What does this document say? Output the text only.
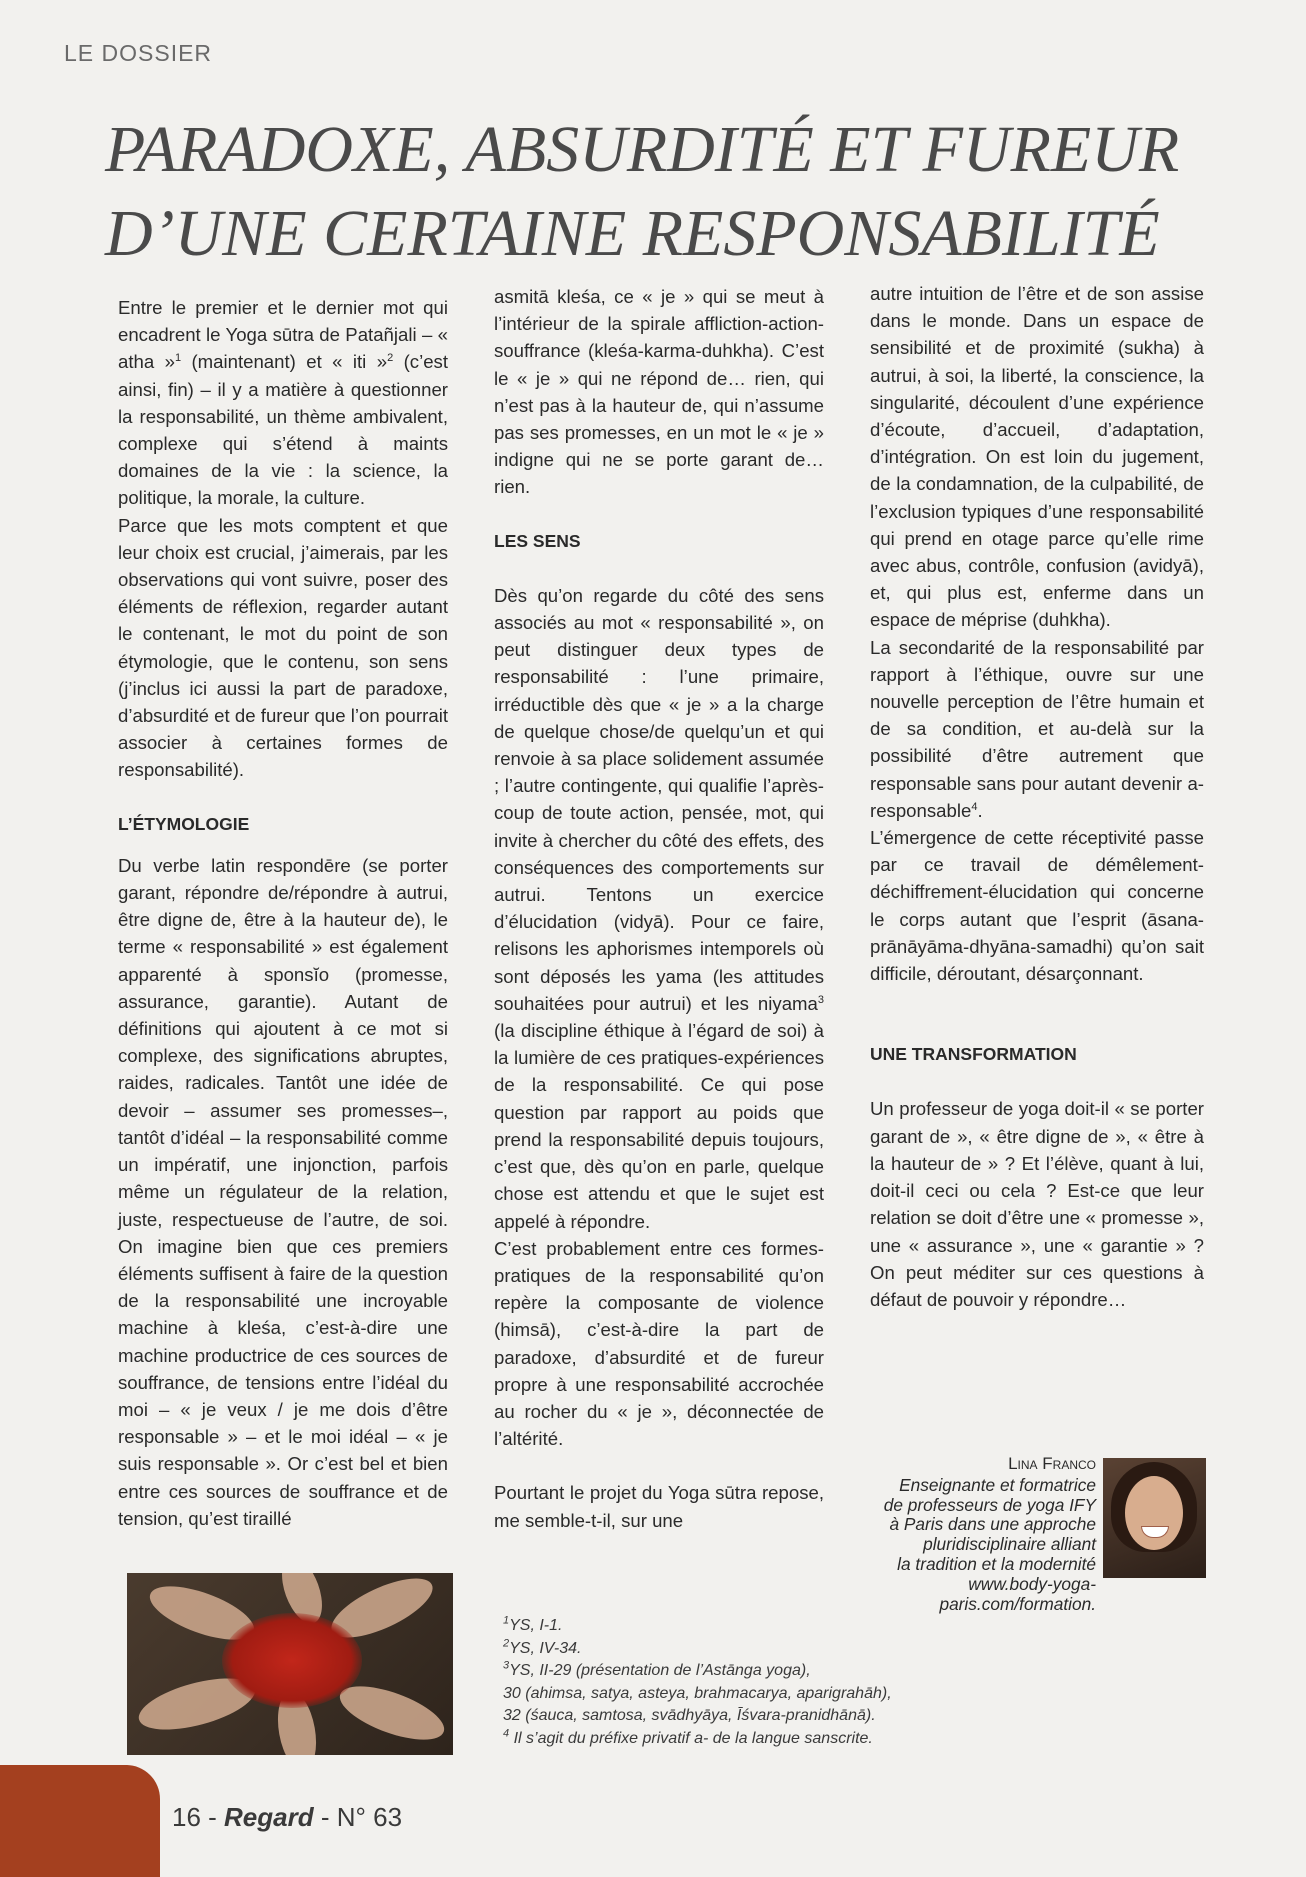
LE DOSSIER
PARADOXE, ABSURDITÉ ET FUREUR
D’UNE CERTAINE RESPONSABILITÉ

Entre le premier et le dernier mot qui encadrent le Yoga sūtra de Patañjali – « atha »$^1$ (maintenant) et « iti »$^2$ (c’est ainsi, fin) – il y a matière à questionner la responsabilité, un thème ambivalent, complexe qui s’étend à maints domaines de la vie : la science, la politique, la morale, la culture.

Parce que les mots comptent et que leur choix est crucial, j’aimerais, par les observations qui vont suivre, poser des éléments de réflexion, regarder autant le contenant, le mot du point de son étymologie, que le contenu, son sens (j’inclus ici aussi la part de paradoxe, d’absurdité et de fureur que l’on pourrait associer à certaines formes de responsabilité).

L’ÉTYMOLOGIE

Du verbe latin respondēre (se porter garant, répondre de/répondre à autrui, être digne de, être à la hauteur de), le terme « responsabilité » est également apparenté à sponsĭo (promesse, assurance, garantie). Autant de définitions qui ajoutent à ce mot si complexe, des significations abruptes, raides, radicales. Tantôt une idée de devoir – assumer ses promesses–, tantôt d’idéal – la responsabilité comme un impératif, une injonction, parfois même un régulateur de la relation, juste, respectueuse de l’autre, de soi. On imagine bien que ces premiers éléments suffisent à faire de la question de la responsabilité une incroyable machine à kleśa, c’est-à-dire une machine productrice de ces sources de souffrance, de tensions entre l’idéal du moi – « je veux / je me dois d’être responsable » – et le moi idéal – « je suis responsable ». Or c’est bel et bien entre ces sources de souffrance et de tension, qu’est tiraillé

asmitā kleśa, ce « je » qui se meut à l’intérieur de la spirale affliction-action-souffrance (kleśa-karma-duhkha). C’est le « je » qui ne répond de… rien, qui n’est pas à la hauteur de, qui n’assume pas ses promesses, en un mot le « je » indigne qui ne se porte garant de… rien.

LES SENS

Dès qu’on regarde du côté des sens associés au mot « responsabilité », on peut distinguer deux types de responsabilité : l’une primaire, irréductible dès que « je » a la charge de quelque chose/de quelqu’un et qui renvoie à sa place solidement assumée ; l’autre contingente, qui qualifie l’après-coup de toute action, pensée, mot, qui invite à chercher du côté des effets, des conséquences des comportements sur autrui. Tentons un exercice d’élucidation (vidyā). Pour ce faire, relisons les aphorismes intemporels où sont déposés les yama (les attitudes souhaitées pour autrui) et les niyama$^3$ (la discipline éthique à l’égard de soi) à la lumière de ces pratiques-expériences de la responsabilité. Ce qui pose question par rapport au poids que prend la responsabilité depuis toujours, c’est que, dès qu’on en parle, quelque chose est attendu et que le sujet est appelé à répondre.

C’est probablement entre ces formes-pratiques de la responsabilité qu’on repère la composante de violence (himsā), c’est-à-dire la part de paradoxe, d’absurdité et de fureur propre à une responsabilité accrochée au rocher du « je », déconnectée de l’altérité.

Pourtant le projet du Yoga sūtra repose, me semble-t-il, sur une

autre intuition de l’être et de son assise dans le monde. Dans un espace de sensibilité et de proximité (sukha) à autrui, à soi, la liberté, la conscience, la singularité, découlent d’une expérience d’écoute, d’accueil, d’adaptation, d’intégration. On est loin du jugement, de la condamnation, de la culpabilité, de l’exclusion typiques d’une responsabilité qui prend en otage parce qu’elle rime avec abus, contrôle, confusion (avidyā), et, qui plus est, enferme dans un espace de méprise (duhkha).

La secondarité de la responsabilité par rapport à l’éthique, ouvre sur une nouvelle perception de l’être humain et de sa condition, et au-delà sur la possibilité d’être autrement que responsable sans pour autant devenir a-responsable$^4$.

L’émergence de cette réceptivité passe par ce travail de démêlement-déchiffrement-élucidation qui concerne le corps autant que l’esprit (āsana-prānāyāma-dhyāna-samadhi) qu’on sait difficile, déroutant, désarçonnant.

UNE TRANSFORMATION

Un professeur de yoga doit-il « se porter garant de », « être digne de », « être à la hauteur de » ? Et l’élève, quant à lui, doit-il ceci ou cela ? Est-ce que leur relation se doit d’être une « promesse », une « assurance », une « garantie » ? On peut méditer sur ces questions à défaut de pouvoir y répondre…

Lina Franco
Enseignante et formatrice
de professeurs de yoga IFY
à Paris dans une approche
pluridisciplinaire alliant
la tradition et la modernité
www.body-yoga-
paris.com/formation.
$^1$YS, I-1.
$^2$YS, IV-34.
$^3$YS, II-29 (présentation de l’Astānga yoga),
30 (ahimsa, satya, asteya, brahmacarya, aparigrahāh),
32 (śauca, samtosa, svādhyāya, Īśvara-pranidhānā).
$^4$ Il s’agit du préfixe privatif a- de la langue sanscrite.
16 - Regard - N° 63
